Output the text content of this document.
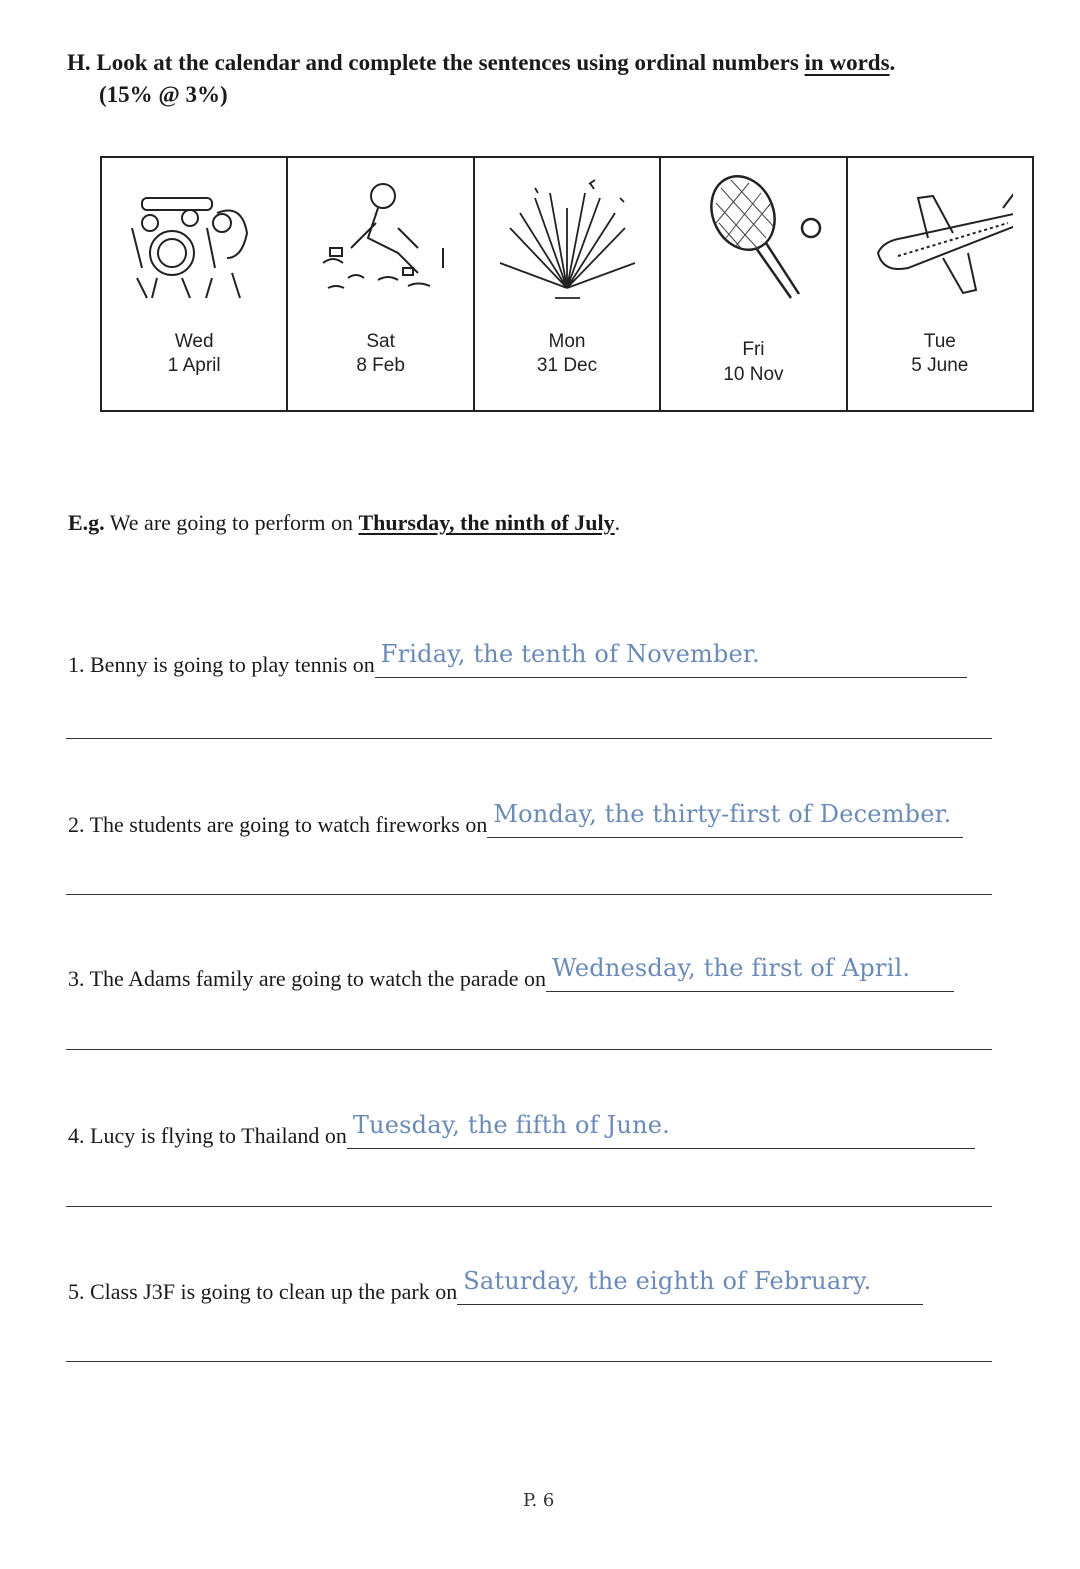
H. Look at the calendar and complete the sentences using ordinal numbers in words.
(15% @ 3%)
Wed
1 April
Sat
8 Feb
Mon
31 Dec
Fri
10 Nov
Tue
5 June
E.g. We are going to perform on Thursday, the ninth of July.
1. Benny is going to play tennis onFriday, the tenth of November.
2. The students are going to watch fireworks onMonday, the thirty-first of December.
3. The Adams family are going to watch the parade onWednesday, the first of April.
4. Lucy is flying to Thailand onTuesday, the fifth of June.
5. Class J3F is going to clean up the park onSaturday, the eighth of February.
P. 6
